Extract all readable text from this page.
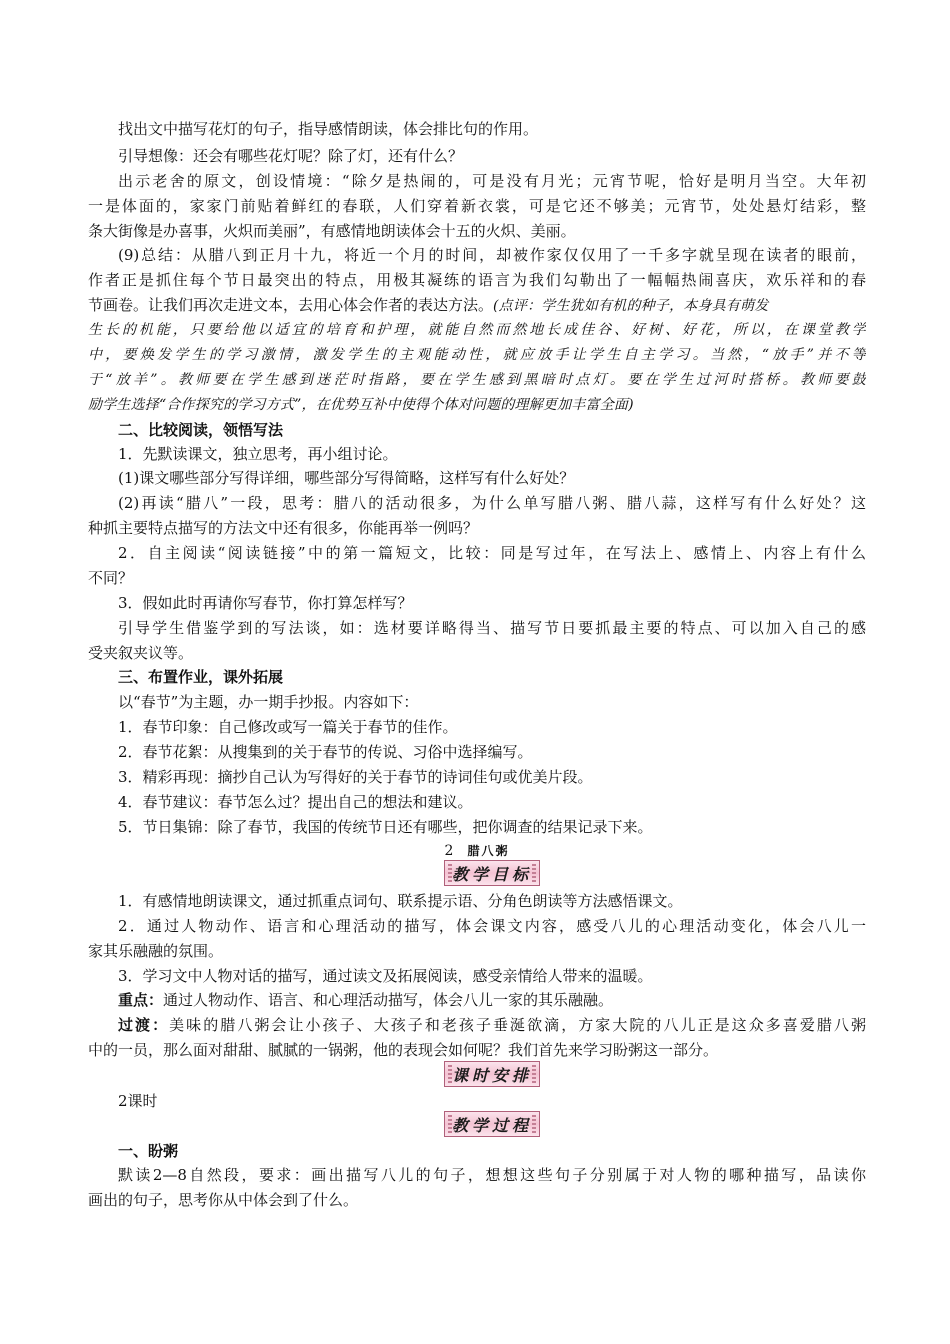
找出文中描写花灯的句子，指导感情朗读，体会排比句的作用。
引导想像：还会有哪些花灯呢？除了灯，还有什么？
出示老舍的原文，创设情境：“除夕是热闹的，可是没有月光；元宵节呢，恰好是明月当空。大年初
一是体面的，家家门前贴着鲜红的春联，人们穿着新衣裳，可是它还不够美；元宵节，处处悬灯结彩，整
条大街像是办喜事，火炽而美丽”，有感情地朗读体会十五的火炽、美丽。
(9)总结：从腊八到正月十九，将近一个月的时间，却被作家仅仅用了一千多字就呈现在读者的眼前，
作者正是抓住每个节日最突出的特点，用极其凝练的语言为我们勾勒出了一幅幅热闹喜庆，欢乐祥和的春
节画卷。让我们再次走进文本，去用心体会作者的表达方法。(点评：学生犹如有机的种子，本身具有萌发
生长的机能，只要给他以适宜的培育和护理，就能自然而然地长成佳谷、好树、好花，所以，在课堂教学
中，要焕发学生的学习激情，激发学生的主观能动性，就应放手让学生自主学习。当然，“放手”并不等
于“放羊”。教师要在学生感到迷茫时指路，要在学生感到黑暗时点灯。要在学生过河时搭桥。教师要鼓
励学生选择“合作探究的学习方式”，在优势互补中使得个体对问题的理解更加丰富全面)
二、比较阅读，领悟写法
1．先默读课文，独立思考，再小组讨论。
(1)课文哪些部分写得详细，哪些部分写得简略，这样写有什么好处？
(2)再读“腊八”一段，思考：腊八的活动很多，为什么单写腊八粥、腊八蒜，这样写有什么好处？这
种抓主要特点描写的方法文中还有很多，你能再举一例吗？
2．自主阅读“阅读链接”中的第一篇短文，比较：同是写过年，在写法上、感情上、内容上有什么
不同？
3．假如此时再请你写春节，你打算怎样写？
引导学生借鉴学到的写法谈，如：选材要详略得当、描写节日要抓最主要的特点、可以加入自己的感
受夹叙夹议等。
三、布置作业，课外拓展
以“春节”为主题，办一期手抄报。内容如下：
1．春节印象：自己修改或写一篇关于春节的佳作。
2．春节花絮：从搜集到的关于春节的传说、习俗中选择编写。
3．精彩再现：摘抄自己认为写得好的关于春节的诗词佳句或优美片段。
4．春节建议：春节怎么过？提出自己的想法和建议。
5．节日集锦：除了春节，我国的传统节日还有哪些，把你调查的结果记录下来。
2 腊八粥
教学目标
1．有感情地朗读课文，通过抓重点词句、联系提示语、分角色朗读等方法感悟课文。
2．通过人物动作、语言和心理活动的描写，体会课文内容，感受八儿的心理活动变化，体会八儿一
家其乐融融的氛围。
3．学习文中人物对话的描写，通过读文及拓展阅读，感受亲情给人带来的温暖。
重点：通过人物动作、语言、和心理活动描写，体会八儿一家的其乐融融。
过渡：美味的腊八粥会让小孩子、大孩子和老孩子垂涎欲滴，方家大院的八儿正是这众多喜爱腊八粥
中的一员，那么面对甜甜、腻腻的一锅粥，他的表现会如何呢？我们首先来学习盼粥这一部分。
课时安排
2课时
教学过程
一、盼粥
默读2—8自然段，要求：画出描写八儿的句子，想想这些句子分别属于对人物的哪种描写，品读你
画出的句子，思考你从中体会到了什么。
